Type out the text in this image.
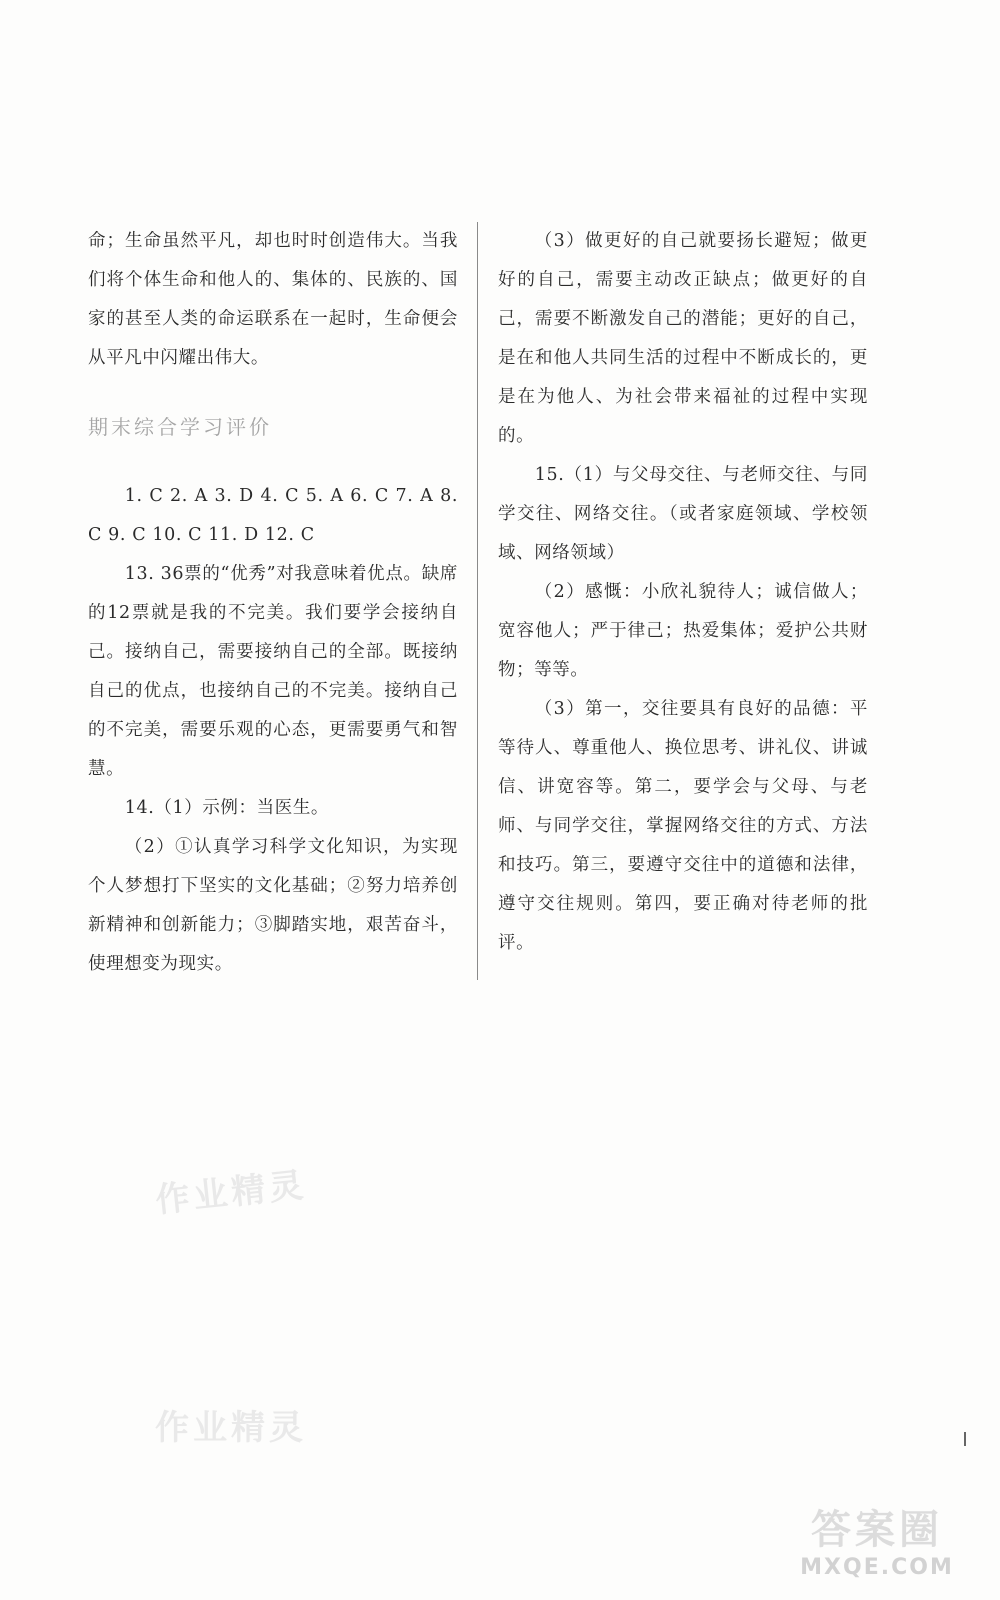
命；生命虽然平凡，却也时时创造伟大。当我们将个体生命和他人的、集体的、民族的、国家的甚至人类的命运联系在一起时，生命便会从平凡中闪耀出伟大。

期末综合学习评价

1. C 2. A 3. D 4. C 5. A 6. C 7. A 8. C 9. C 10. C 11. D 12. C

13. 36票的“优秀”对我意味着优点。缺席的12票就是我的不完美。我们要学会接纳自己。接纳自己，需要接纳自己的全部。既接纳自己的优点，也接纳自己的不完美。接纳自己的不完美，需要乐观的心态，更需要勇气和智慧。

14.（1）示例：当医生。

（2）①认真学习科学文化知识，为实现个人梦想打下坚实的文化基础；②努力培养创新精神和创新能力；③脚踏实地，艰苦奋斗，使理想变为现实。

（3）做更好的自己就要扬长避短；做更好的自己，需要主动改正缺点；做更好的自己，需要不断激发自己的潜能；更好的自己，是在和他人共同生活的过程中不断成长的，更是在为他人、为社会带来福祉的过程中实现的。

15.（1）与父母交往、与老师交往、与同学交往、网络交往。（或者家庭领域、学校领域、网络领域）

（2）感慨：小欣礼貌待人；诚信做人；宽容他人；严于律己；热爱集体；爱护公共财物；等等。

（3）第一，交往要具有良好的品德：平等待人、尊重他人、换位思考、讲礼仪、讲诚信、讲宽容等。第二，要学会与父母、与老师、与同学交往，掌握网络交往的方式、方法和技巧。第三，要遵守交往中的道德和法律，遵守交往规则。第四，要正确对待老师的批评。

作业精灵
作业精灵
答案圈
MXQE.COM
